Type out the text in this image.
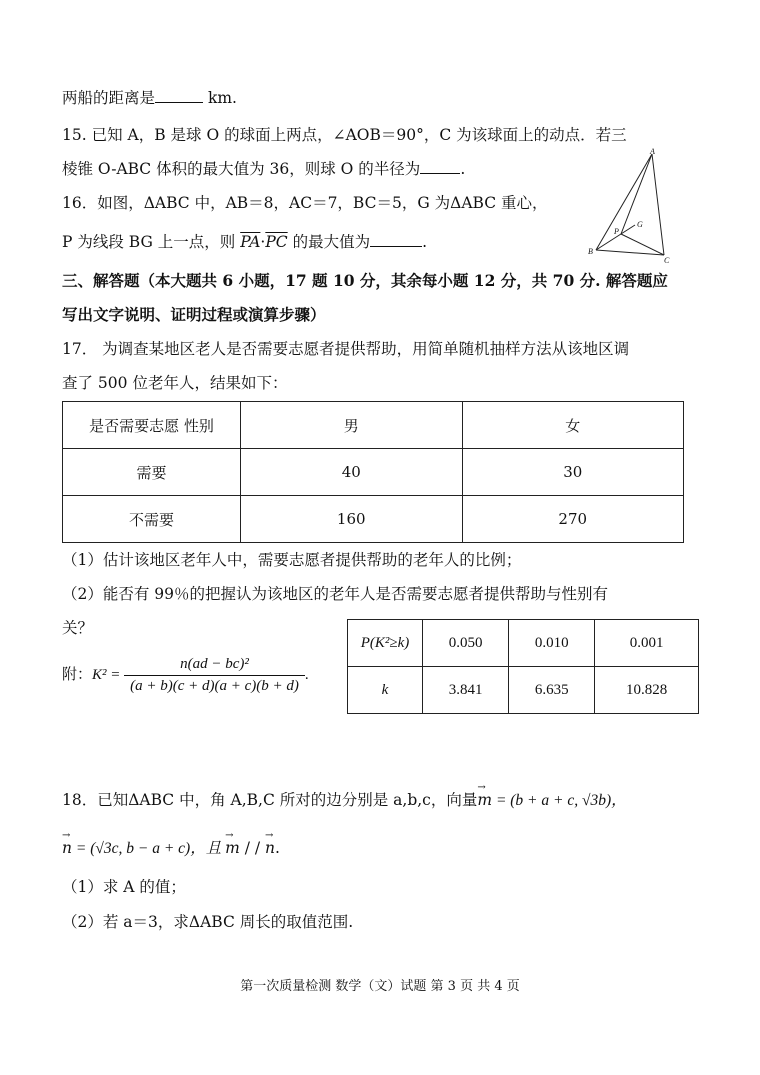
两船的距离是	km.
15. 已知 A，B 是球 O 的球面上两点，∠AOB＝90°，C 为该球面上的动点．若三
棱锥 O-ABC 体积的最大值为 36，则球 O 的半径为	.
16．如图，ΔABC 中，AB＝8，AC＝7，BC＝5，G 为ΔABC 重心，
P 为线段 BG 上一点，则 $\overline{PA}\cdot\overline{PC}$ 的最大值为	.
A
B
C
P
G
三、解答题（本大题共 6 小题，17 题 10 分，其余每小题 12 分，共 70 分. 解答题应
写出文字说明、证明过程或演算步骤）
17． 为调查某地区老人是否需要志愿者提供帮助，用简单随机抽样方法从该地区调
查了 500 位老年人，结果如下：
是否需要志愿 性别	男	女
需要	40	30
不需要	160	270
（1）估计该地区老年人中，需要志愿者提供帮助的老年人的比例；
（2）能否有 99％的把握认为该地区的老年人是否需要志愿者提供帮助与性别有
关？
附：$K^2 = \frac{\text{n(ad − bc)²}}{(a + b)(c + d)(a + c)(b + d)}$ .
P(K²≥k)	0.050	0.010	0.001
k	3.841	6.635	10.828
18．已知ΔABC 中，角 A,B,C 所对的边分别是 a,b,c，向量→ m = (b + a + c, √3b)，
→ n = (√3c, b − a + c)，且 → m / / → n.
（1）求 A 的值；
（2）若 a＝3，求ΔABC 周长的取值范围.
第一次质量检测 数学（文）试题 第 3 页 共 4 页
